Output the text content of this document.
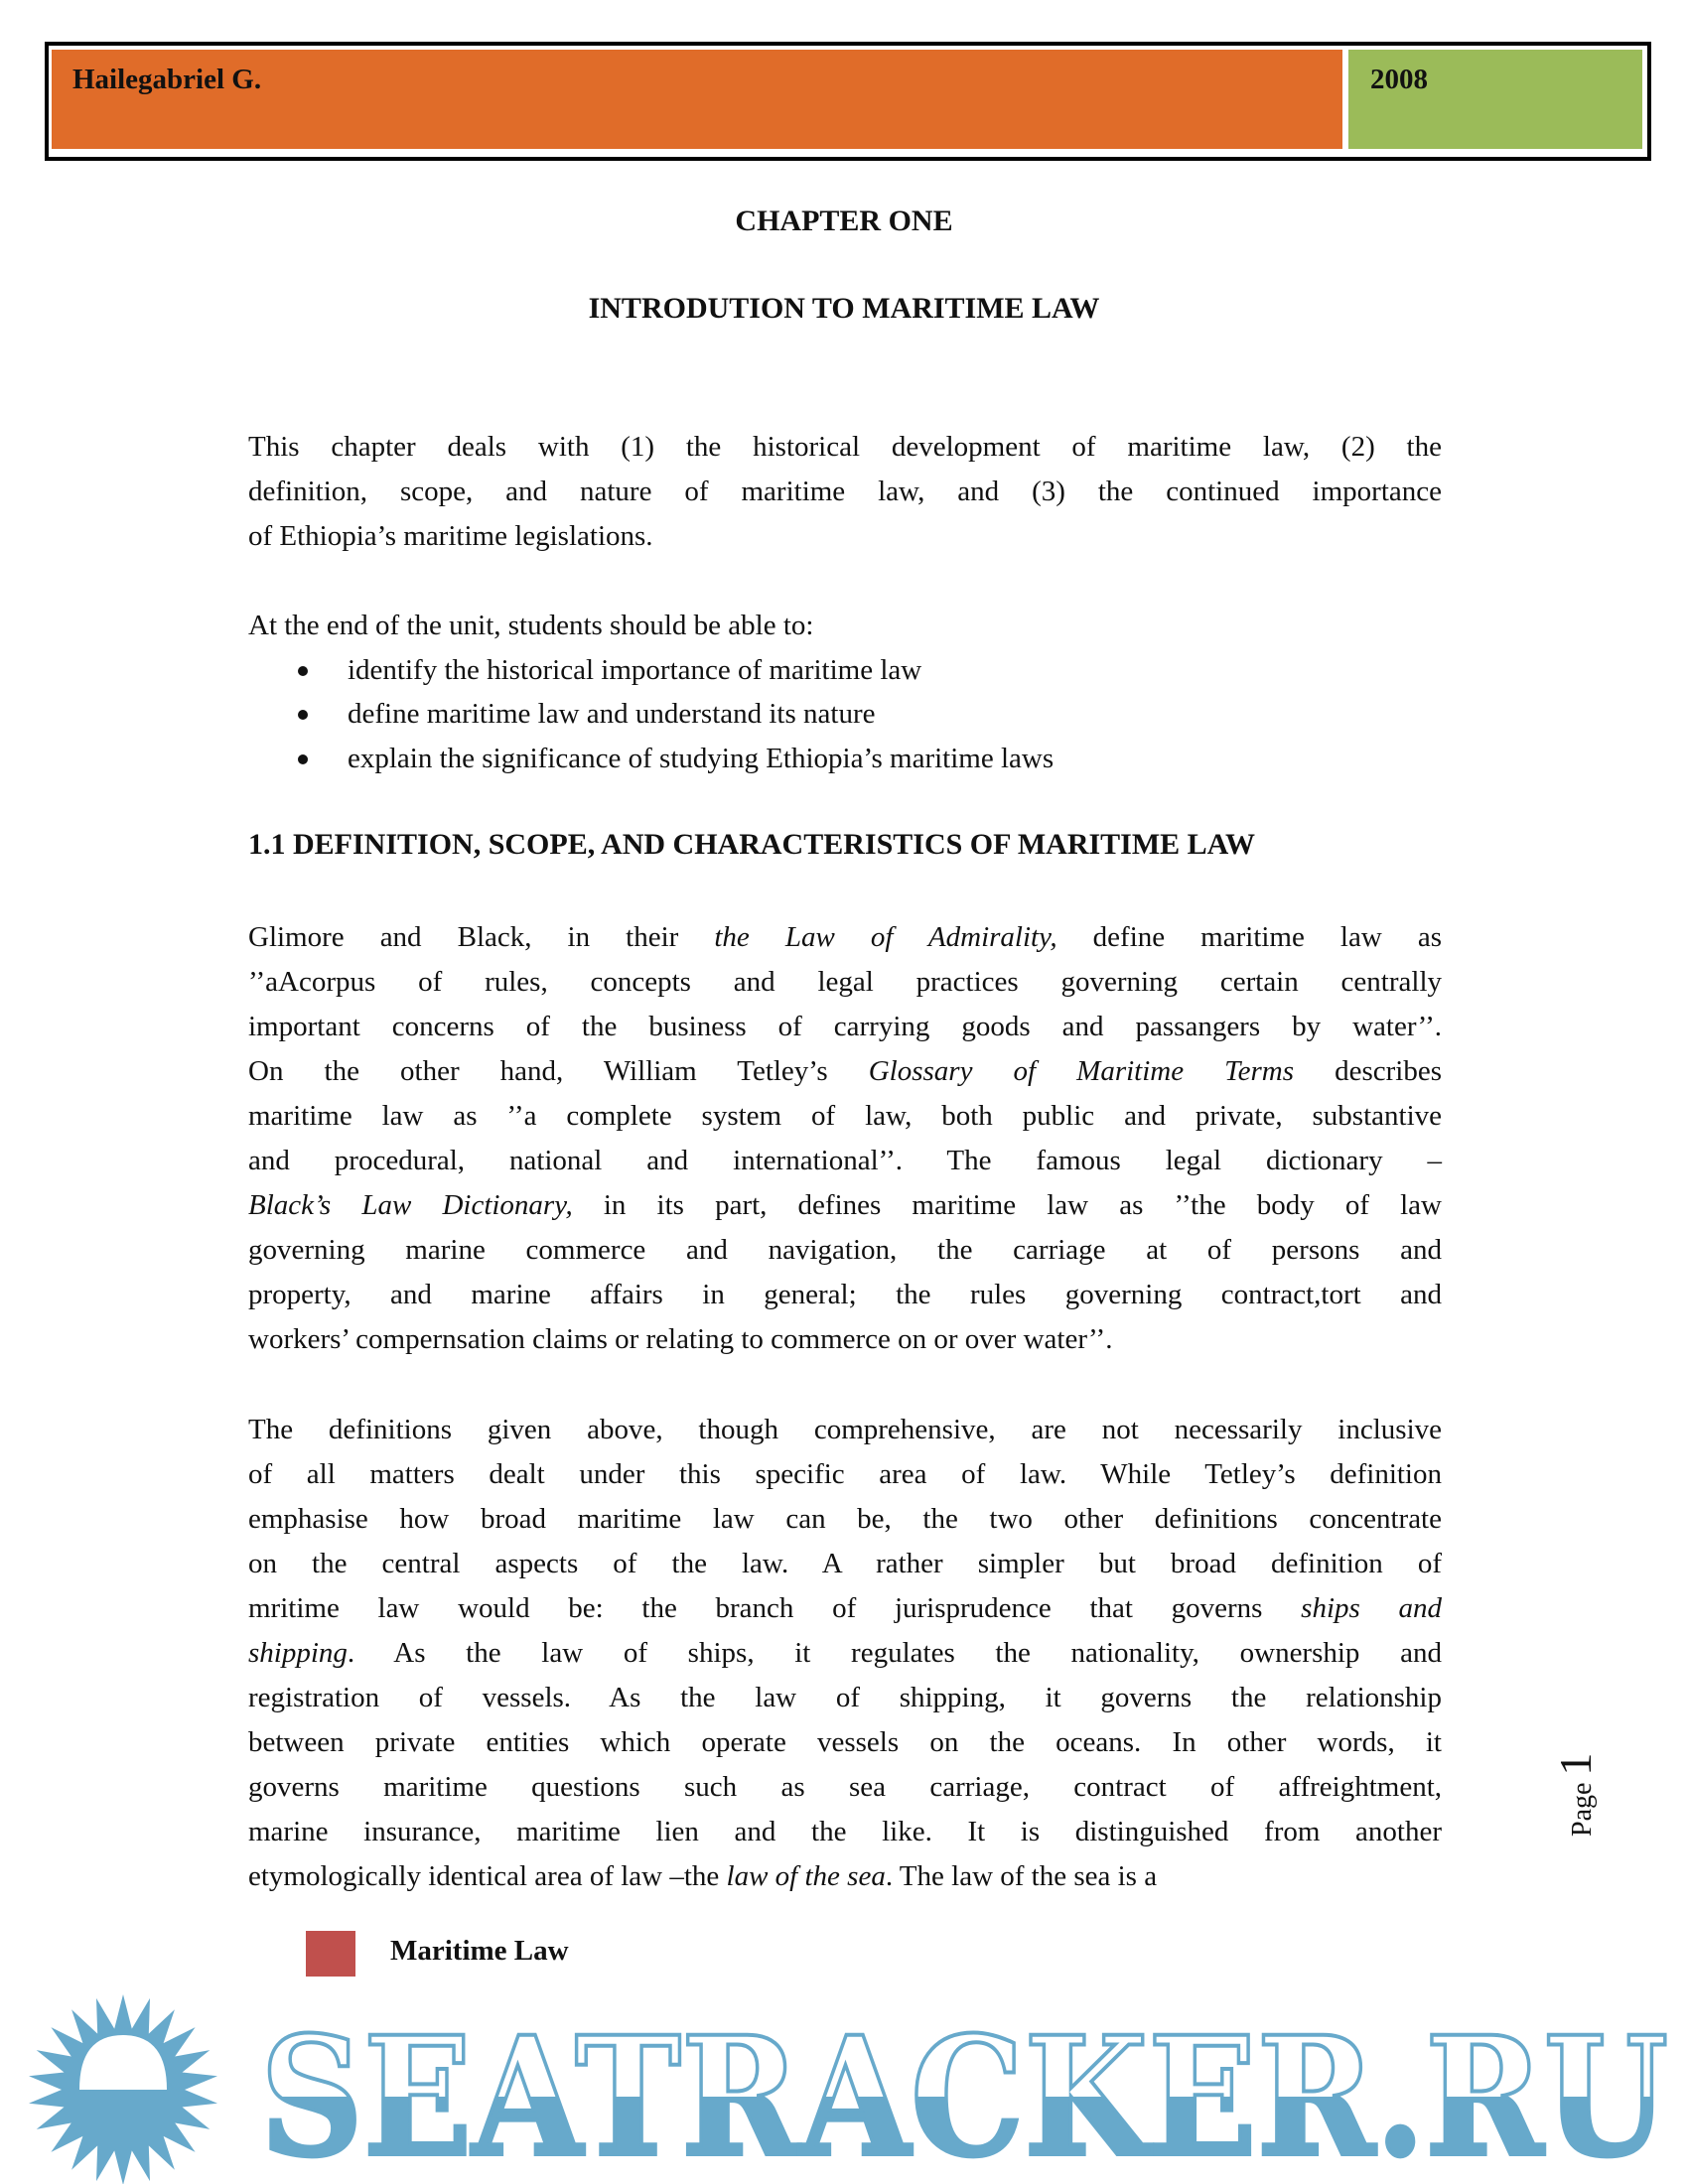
Hailegabriel G.	2008
CHAPTER ONE
INTRODUTION TO MARITIME LAW
This chapter deals with (1) the historical development of maritime law, (2) the
definition, scope, and nature of maritime law, and (3) the continued importance
of Ethiopia’s maritime legislations.
At the end of the unit, students should be able to:
Glimore and Black, in their the Law of Admirality, define maritime law as
’’aAcorpus of rules, concepts and legal practices governing certain centrally
important concerns of the business of carrying goods and passangers by water’’.
On the other hand, William Tetley’s Glossary of Maritime Terms describes
maritime law as ’’a complete system of law, both public and private, substantive
and procedural, national and international’’. The famous legal dictionary –
Black’s Law Dictionary, in its part, defines maritime law as ’’the body of law
governing marine commerce and navigation, the carriage at of persons and
property, and marine affairs in general; the rules governing contract,tort and
workers’ compernsation claims or relating to commerce on or over water’’.
The definitions given above, though comprehensive, are not necessarily inclusive
of all matters dealt under this specific area of law. While Tetley’s definition
emphasise how broad maritime law can be, the two other definitions concentrate
on the central aspects of the law. A rather simpler but broad definition of
mritime law would be: the branch of jurisprudence that governs ships and
shipping. As the law of ships, it regulates the nationality, ownership and
registration of vessels. As the law of shipping, it governs the relationship
between private entities which operate vessels on the oceans. In other words, it
governs maritime questions such as sea carriage, contract of affreightment,
marine insurance, maritime lien and the like. It is distinguished from another
etymologically identical area of law –the law of the sea. The law of the sea is a
identify the historical importance of maritime law
define maritime law and understand its nature
explain the significance of studying Ethiopia’s maritime laws
1.1 DEFINITION, SCOPE, AND CHARACTERISTICS OF MARITIME LAW
Page 1
Maritime Law
SEATRACKER.RU
